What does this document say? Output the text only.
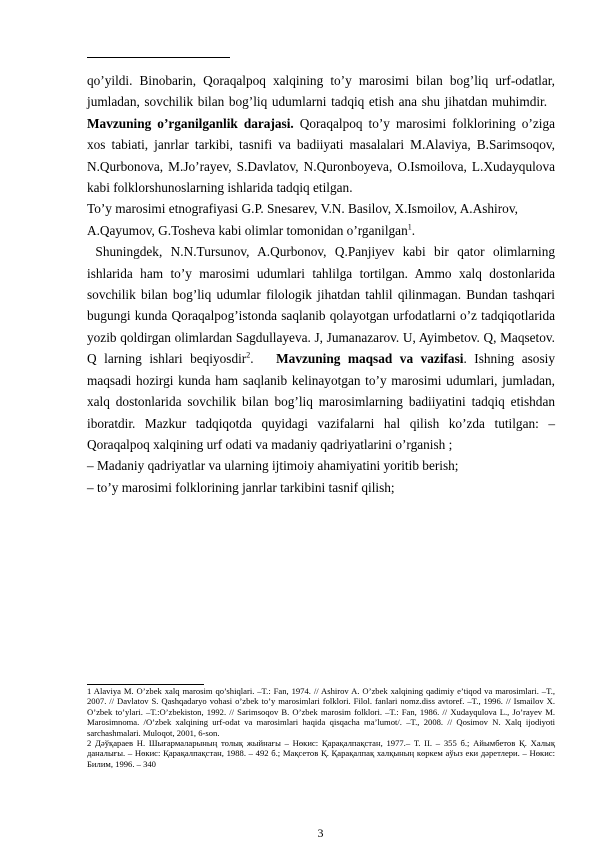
qo’yildi. Binobarin, Qoraqalpoq xalqining to’y marosimi bilan bog’liq urf-odatlar, jumladan, sovchilik bilan bog’liq udumlarni tadqiq etish ana shu jihatdan muhimdir.   Mavzuning o’rganilganlik darajasi. Qoraqalpoq to’y marosimi folklorining o’ziga xos tabiati, janrlar tarkibi, tasnifi va badiiyati masalalari M.Alaviya, B.Sarimsoqov, N.Qurbonova, M.Jo’rayev, S.Davlatov, N.Quronboyeva, O.Ismoilova, L.Xudayqulova kabi folklorshunoslarning ishlarida tadqiq etilgan.

To’y marosimi etnografiyasi G.P. Snesarev, V.N. Basilov, X.Ismoilov, A.Ashirov,
A.Qayumov, G.Tosheva kabi olimlar tomonidan o’rganilgan$^1$.

Shuningdek, N.N.Tursunov, A.Qurbonov, Q.Panjiyev kabi bir qator olimlarning ishlarida ham to’y marosimi udumlari tahlilga tortilgan. Ammo xalq dostonlarida sovchilik bilan bog’liq udumlar filologik jihatdan tahlil qilinmagan. Bundan tashqari bugungi kunda Qoraqalpog’istonda saqlanib qolayotgan urfodatlarni o’z tadqiqotlarida yozib qoldirgan olimlardan Sagdullayeva. J, Jumanazarov. U, Ayimbetov. Q, Maqsetov. Q larning ishlari beqiyosdir$^2$. Mavzuning maqsad va vazifasi. Ishning asosiy maqsadi hozirgi kunda ham saqlanib kelinayotgan to’y marosimi udumlari, jumladan, xalq dostonlarida sovchilik bilan bog’liq marosimlarning badiiyatini tadqiq etishdan iboratdir. Mazkur tadqiqotda quyidagi vazifalarni hal qilish ko’zda tutilgan: – Qoraqalpoq xalqining urf odati va madaniy qadriyatlarini o’rganish ;

– Madaniy qadriyatlar va ularning ijtimoiy ahamiyatini yoritib berish;

– to’y marosimi folklorining janrlar tarkibini tasnif qilish;

1 Alaviya M. O’zbek xalq marosim qo’shiqlari. –T.: Fan, 1974. // Ashirov A. O’zbek xalqining qadimiy e’tiqod va marosimlari. –T., 2007. // Davlatov S. Qashqadaryo vohasi o’zbek to’y marosimlari folklori. Filol. fanlari nomz.diss avtoref. –T., 1996. // Ismailov X. O’zbek to’ylari. –T.:O’zbekiston, 1992. // Sarimsoqov B. O’zbek marosim folklori. –T.: Fan, 1986. // Xudayqulova L., Jo’rayev M. Marosimnoma. /O’zbek xalqining urf-odat va marosimlari haqida qisqacha ma’lumot/. –T., 2008. // Qosimov N. Xalq ijodiyoti sarchashmalari. Muloqot, 2001, 6-son.

2 Дәўқараев Н. Шығармаларының толық жыйнағы – Нөкис: Қарақалпақстан, 1977.– Т. II. – 355 б.; Айымбетов Қ. Халық даналығы. – Нөкис: Қарақалпақстан, 1988. – 492 б.; Мақсетов Қ. Қарақалпақ халқының көркем аўыз еки дәретлери. – Нөкис: Билим, 1996. – 340

3
